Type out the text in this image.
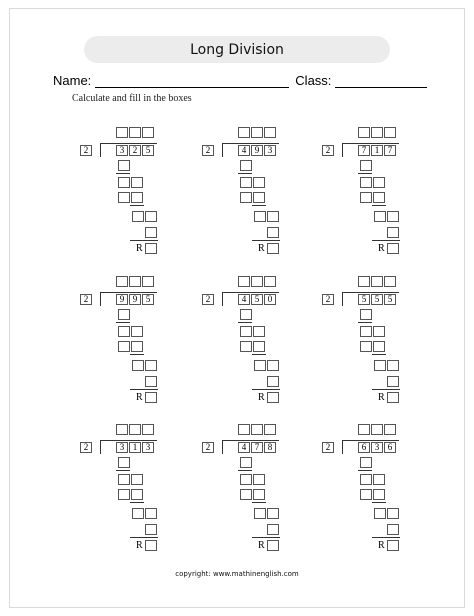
Long Division
Name:	Class:
Calculate and fill in the boxes
2	3 2 5
R
2	4 9 3
R
2	7 1 7
R
2	9 9 5
R
2	4 5 0
R
2	5 5 5
R
2	3 1 3
R
2	4 7 8
R
2	6 3 6
R
copyright: www.mathinenglish.com
